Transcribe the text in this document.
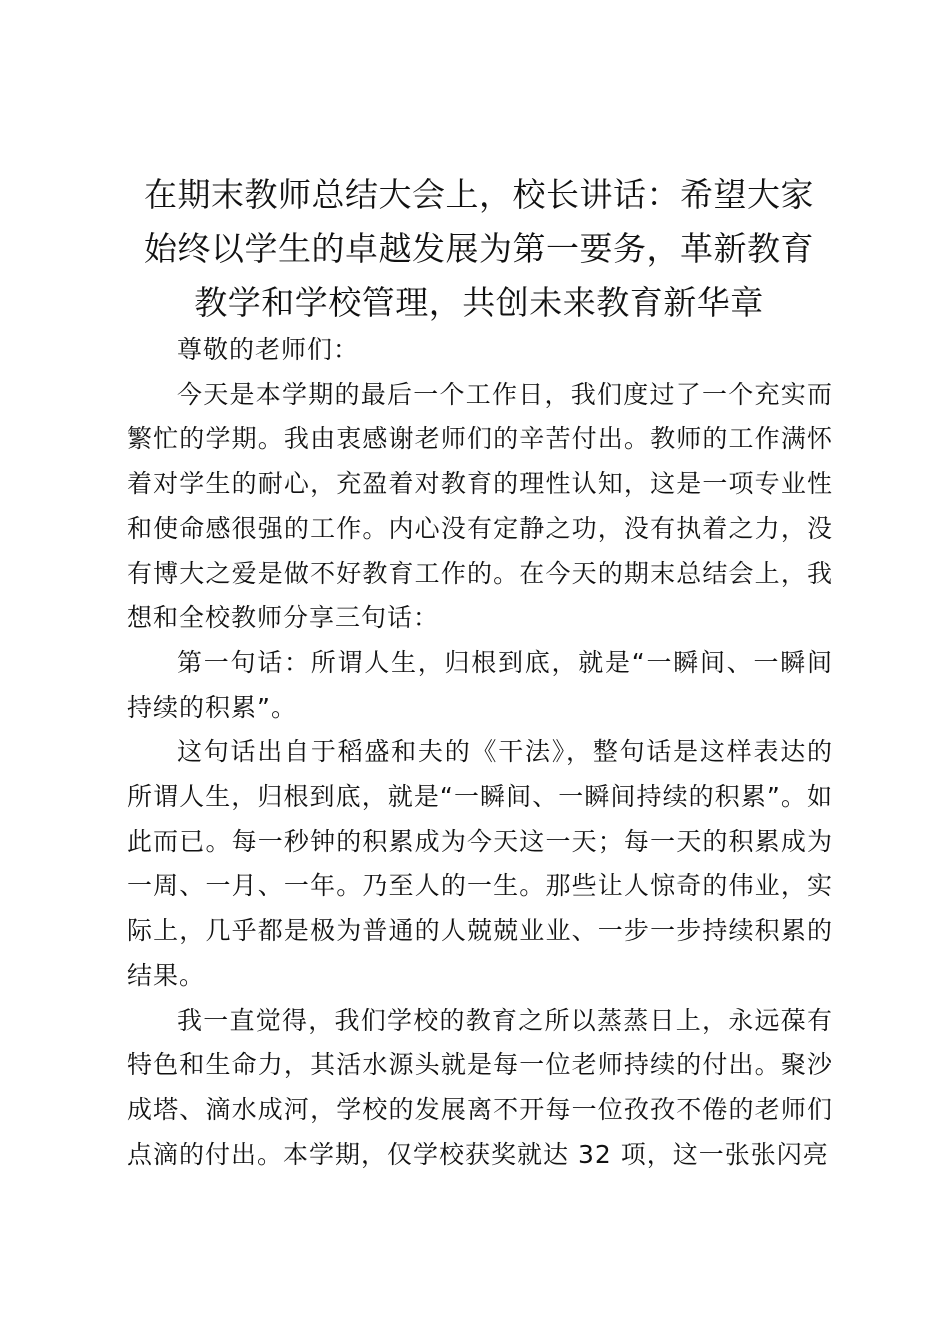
在期末教师总结大会上，校长讲话：希望大家
始终以学生的卓越发展为第一要务，革新教育
教学和学校管理，共创未来教育新华章

尊敬的老师们：

今天是本学期的最后一个工作日，我们度过了一个充实而繁忙的学期。我由衷感谢老师们的辛苦付出。教师的工作满怀着对学生的耐心，充盈着对教育的理性认知，这是一项专业性和使命感很强的工作。内心没有定静之功，没有执着之力，没有博大之爱是做不好教育工作的。在今天的期末总结会上，我想和全校教师分享三句话：

第一句话：所谓人生，归根到底，就是“一瞬间、一瞬间持续的积累”。

这句话出自于稻盛和夫的《干法》，整句话是这样表达的所谓人生，归根到底，就是“一瞬间、一瞬间持续的积累”。如此而已。每一秒钟的积累成为今天这一天；每一天的积累成为一周、一月、一年。乃至人的一生。那些让人惊奇的伟业，实际上，几乎都是极为普通的人兢兢业业、一步一步持续积累的结果。

我一直觉得，我们学校的教育之所以蒸蒸日上，永远葆有特色和生命力，其活水源头就是每一位老师持续的付出。聚沙成塔、滴水成河，学校的发展离不开每一位孜孜不倦的老师们点滴的付出。本学期，仅学校获奖就达 32 项，这一张张闪亮
